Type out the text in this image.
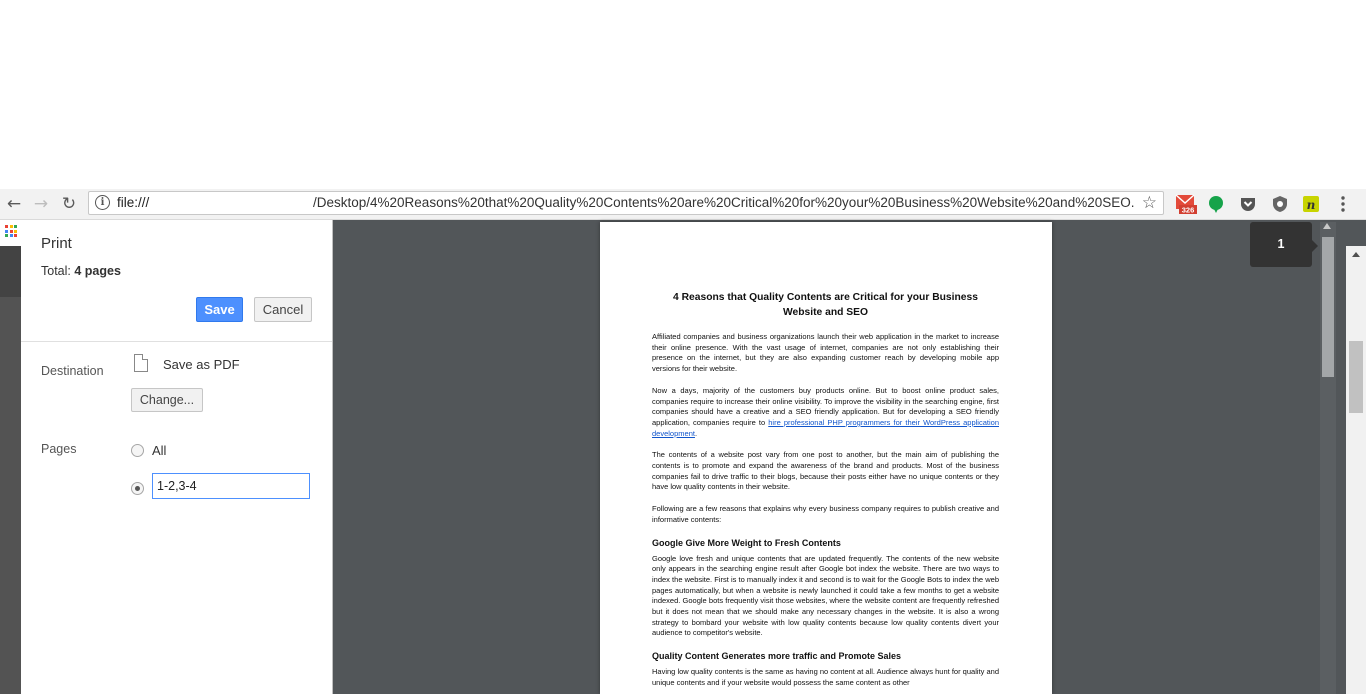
← → ↻	i file:///	/Desktop/4%20Reasons%20that%20Quality%20Contents%20are%20Critical%20for%20your%20Business%20Website%20and%20SEO. ☆	326	n
Print
Total: 4 pages
Save	Cancel
Destination	Save as PDF
Change...
Pages	All
1-2,3-4
4 Reasons that Quality Contents are Critical for your Business Website and SEO

Affiliated companies and business organizations launch their web application in the market to increase their online presence. With the vast usage of internet, companies are not only establishing their presence on the internet, but they are also expanding customer reach by developing mobile app versions for their website.

Now a days, majority of the customers buy products online. But to boost online product sales, companies require to increase their online visibility. To improve the visibility in the searching engine, first companies should have a creative and a SEO friendly application. But for developing a SEO friendly application, companies require to hire professional PHP programmers for their WordPress application development.

The contents of a website post vary from one post to another, but the main aim of publishing the contents is to promote and expand the awareness of the brand and products. Most of the business companies fail to drive traffic to their blogs, because their posts either have no unique contents or they have low quality contents in their website.

Following are a few reasons that explains why every business company requires to publish creative and informative contents:

Google Give More Weight to Fresh Contents

Google love fresh and unique contents that are updated frequently. The contents of the new website only appears in the searching engine result after Google bot index the website. There are two ways to index the website. First is to manually index it and second is to wait for the Google Bots to index the web pages automatically, but when a website is newly launched it could take a few months to get a website indexed. Google bots frequently visit those websites, where the website content are frequently refreshed but it does not mean that we should make any necessary changes in the website. It is also a wrong strategy to bombard your website with low quality contents because low quality contents divert your audience to competitor's website.

Quality Content Generates more traffic and Promote Sales

Having low quality contents is the same as having no content at all. Audience always hunt for quality and unique contents and if your website would possess the same content as other

1
